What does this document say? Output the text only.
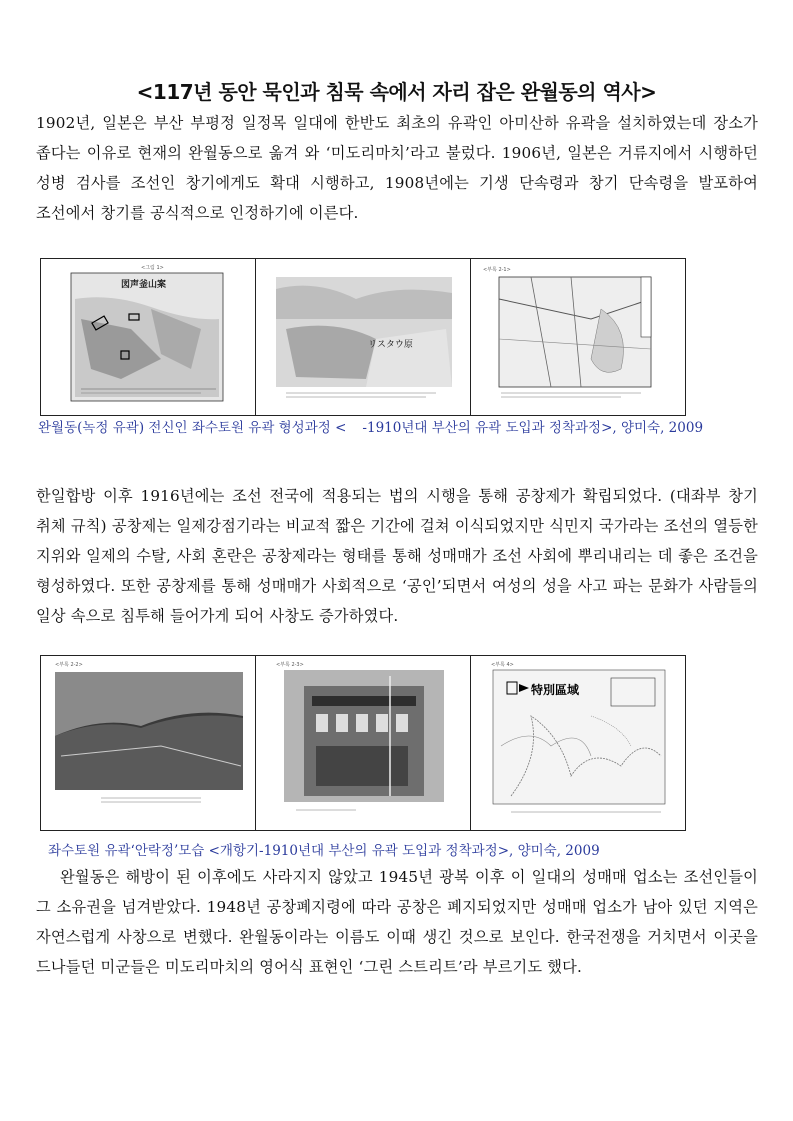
<117년 동안 묵인과 침묵 속에서 자리 잡은 완월동의 역사>

1902년, 일본은 부산 부평정 일정목 일대에 한반도 최초의 유곽인 아미산하 유곽을 설치하였는데 장소가 좁다는 이유로 현재의 완월동으로 옮겨 와 ‘미도리마치’라고 불렀다. 1906년, 일본은 거류지에서 시행하던 성병 검사를 조선인 창기에게도 확대 시행하고, 1908년에는 기생 단속령과 창기 단속령을 발포하여 조선에서 창기를 공식적으로 인정하기에 이른다.

<그림 1>
図声釜山案
リスタウ原
<부록 2-1>
완월동(녹정 유곽) 전신인 좌수토원 유곽 형성과정 < -1910년대 부산의 유곽 도입과 정착과정>, 양미숙, 2009

한일합방 이후 1916년에는 조선 전국에 적용되는 법의 시행을 통해 공창제가 확립되었다. (대좌부 창기 취체 규칙) 공창제는 일제강점기라는 비교적 짧은 기간에 걸쳐 이식되었지만 식민지 국가라는 조선의 열등한 지위와 일제의 수탈, 사회 혼란은 공창제라는 형태를 통해 성매매가 조선 사회에 뿌리내리는 데 좋은 조건을 형성하였다. 또한 공창제를 통해 성매매가 사회적으로 ‘공인’되면서 여성의 성을 사고 파는 문화가 사람들의 일상 속으로 침투해 들어가게 되어 사창도 증가하였다.

<부록 2-2>	<부록 2-3>	<부록 4>
特別區域
좌수토원 유곽‘안락정’모습 <개항기-1910년대 부산의 유곽 도입과 정착과정>, 양미숙, 2009

완월동은 해방이 된 이후에도 사라지지 않았고 1945년 광복 이후 이 일대의 성매매 업소는 조선인들이 그 소유권을 넘겨받았다. 1948년 공창폐지령에 따라 공창은 폐지되었지만 성매매 업소가 남아 있던 지역은 자연스럽게 사창으로 변했다. 완월동이라는 이름도 이때 생긴 것으로 보인다. 한국전쟁을 거치면서 이곳을 드나들던 미군들은 미도리마치의 영어식 표현인 ‘그린 스트리트’라 부르기도 했다.
